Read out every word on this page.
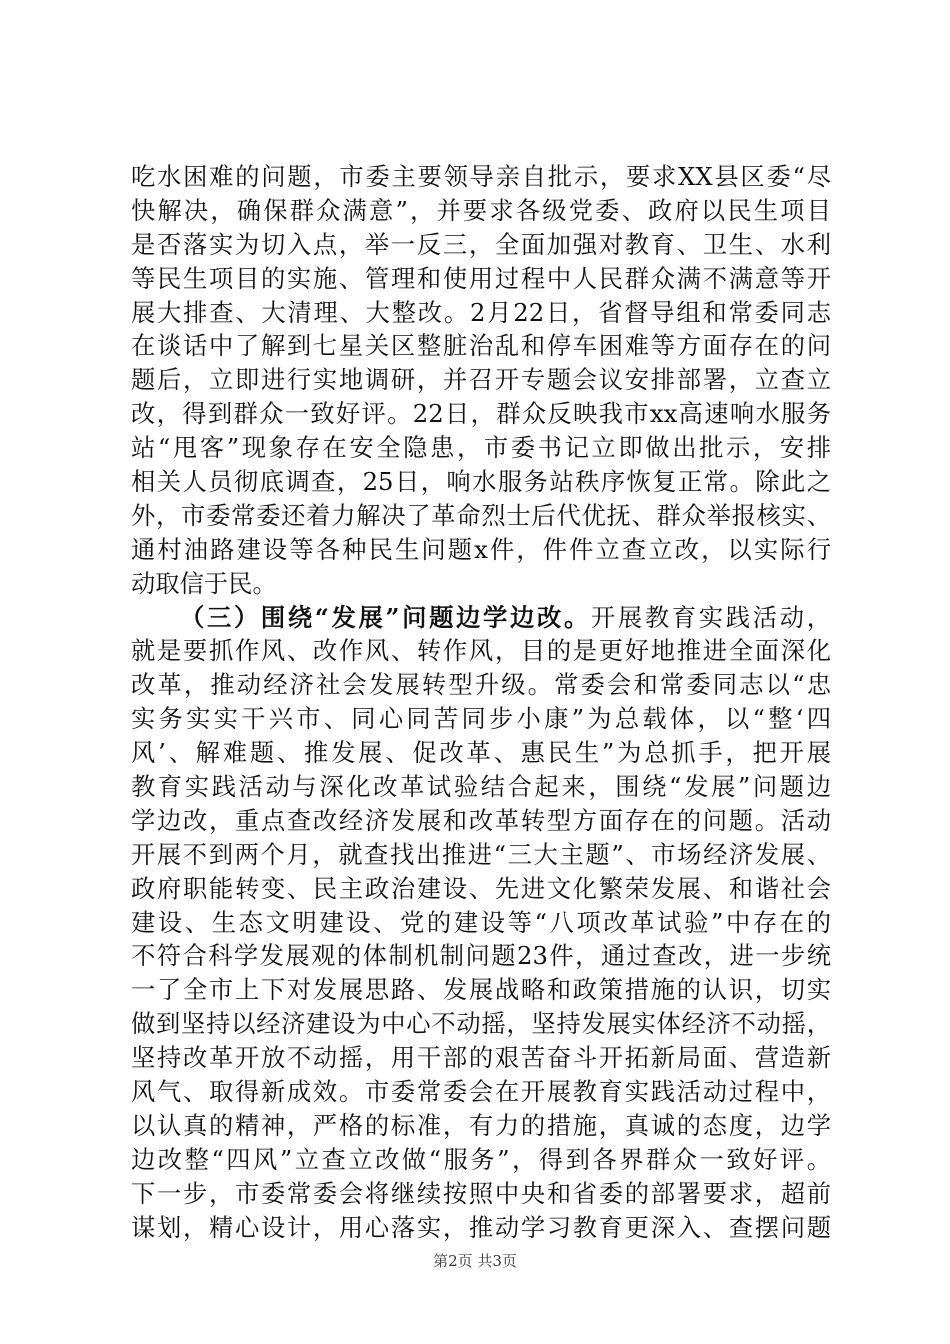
吃水困难的问题，市委主要领导亲自批示，要求XX县区委“尽
快解决，确保群众满意”，并要求各级党委、政府以民生项目
是否落实为切入点，举一反三，全面加强对教育、卫生、水利
等民生项目的实施、管理和使用过程中人民群众满不满意等开
展大排查、大清理、大整改。2月22日，省督导组和常委同志
在谈话中了解到七星关区整脏治乱和停车困难等方面存在的问
题后，立即进行实地调研，并召开专题会议安排部署，立查立
改，得到群众一致好评。22日，群众反映我市xx高速响水服务
站“甩客”现象存在安全隐患，市委书记立即做出批示，安排
相关人员彻底调查，25日，响水服务站秩序恢复正常。除此之
外，市委常委还着力解决了革命烈士后代优抚、群众举报核实、
通村油路建设等各种民生问题x件，件件立查立改，以实际行
动取信于民。
（三）围绕“发展”问题边学边改。开展教育实践活动，
就是要抓作风、改作风、转作风，目的是更好地推进全面深化
改革，推动经济社会发展转型升级。常委会和常委同志以“忠
实务实实干兴市、同心同苦同步小康”为总载体，以“整‘四
风’、解难题、推发展、促改革、惠民生”为总抓手，把开展
教育实践活动与深化改革试验结合起来，围绕“发展”问题边
学边改，重点查改经济发展和改革转型方面存在的问题。活动
开展不到两个月，就查找出推进“三大主题”、市场经济发展、
政府职能转变、民主政治建设、先进文化繁荣发展、和谐社会
建设、生态文明建设、党的建设等“八项改革试验”中存在的
不符合科学发展观的体制机制问题23件，通过查改，进一步统
一了全市上下对发展思路、发展战略和政策措施的认识，切实
做到坚持以经济建设为中心不动摇，坚持发展实体经济不动摇，
坚持改革开放不动摇，用干部的艰苦奋斗开拓新局面、营造新
风气、取得新成效。市委常委会在开展教育实践活动过程中，
以认真的精神，严格的标准，有力的措施，真诚的态度，边学
边改整“四风”立查立改做“服务”，得到各界群众一致好评。
下一步，市委常委会将继续按照中央和省委的部署要求，超前
谋划，精心设计，用心落实，推动学习教育更深入、查摆问题
第2页 共3页
